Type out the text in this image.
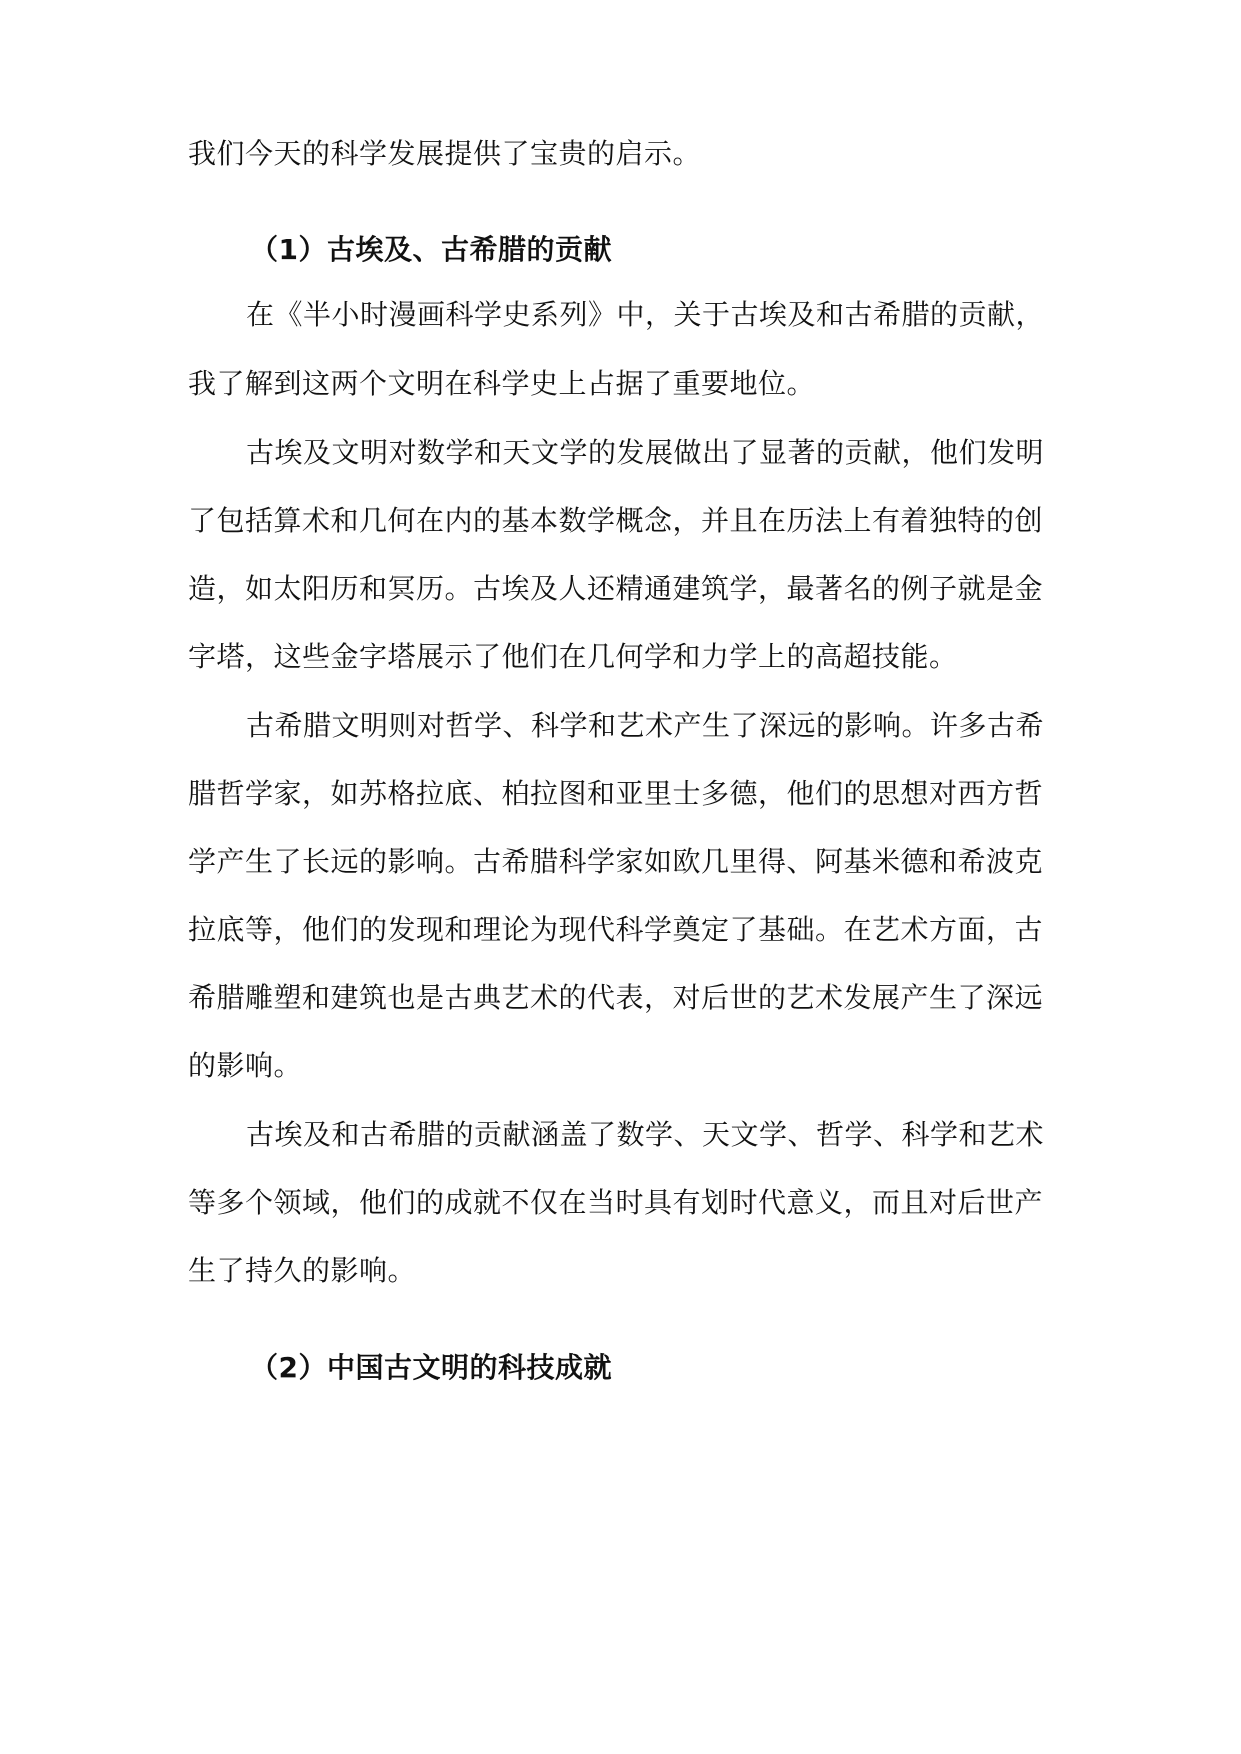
我们今天的科学发展提供了宝贵的启示。
（1）古埃及、古希腊的贡献
在《半小时漫画科学史系列》中，关于古埃及和古希腊的贡献，
我了解到这两个文明在科学史上占据了重要地位。
古埃及文明对数学和天文学的发展做出了显著的贡献，他们发明
了包括算术和几何在内的基本数学概念，并且在历法上有着独特的创
造，如太阳历和冥历。古埃及人还精通建筑学，最著名的例子就是金
字塔，这些金字塔展示了他们在几何学和力学上的高超技能。
古希腊文明则对哲学、科学和艺术产生了深远的影响。许多古希
腊哲学家，如苏格拉底、柏拉图和亚里士多德，他们的思想对西方哲
学产生了长远的影响。古希腊科学家如欧几里得、阿基米德和希波克
拉底等，他们的发现和理论为现代科学奠定了基础。在艺术方面，古
希腊雕塑和建筑也是古典艺术的代表，对后世的艺术发展产生了深远
的影响。
古埃及和古希腊的贡献涵盖了数学、天文学、哲学、科学和艺术
等多个领域，他们的成就不仅在当时具有划时代意义，而且对后世产
生了持久的影响。
（2）中国古文明的科技成就
